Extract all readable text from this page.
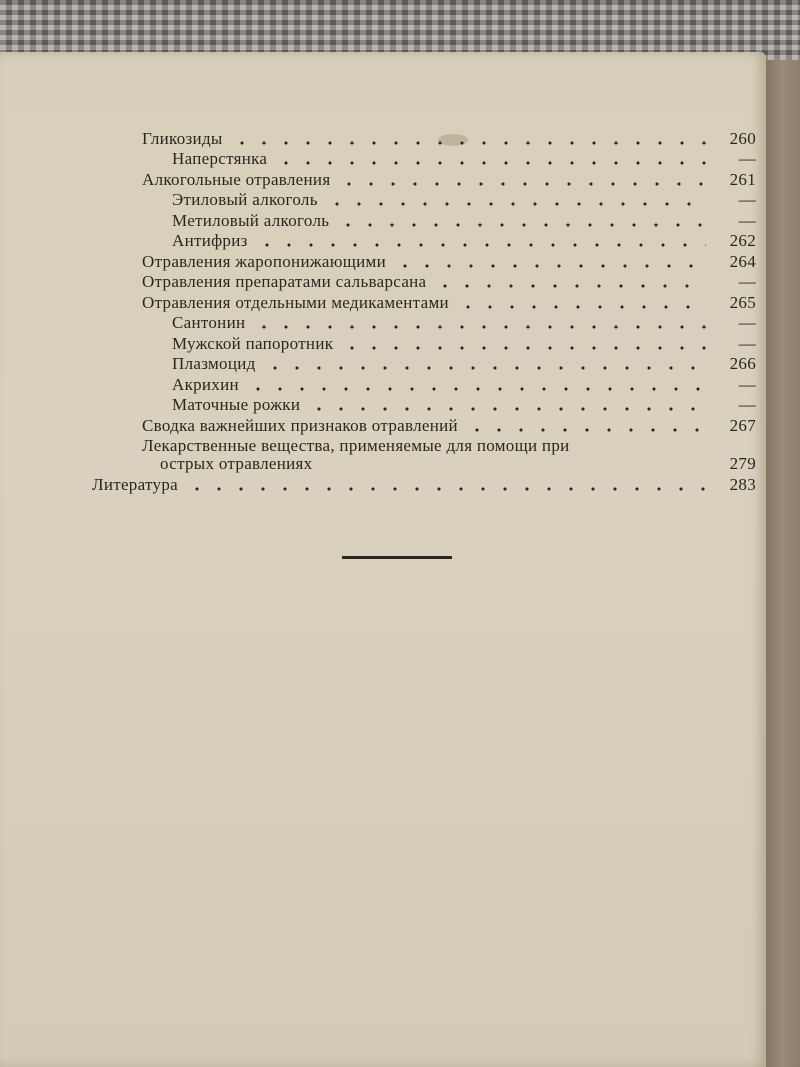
Гликозиды	260
Наперстянка	—
Алкогольные отравления	261
Этиловый алкоголь	—
Метиловый алкоголь	—
Антифриз	262
Отравления жаропонижающими	264
Отравления препаратами сальварсана	—
Отравления отдельными медикаментами	265
Сантонин	—
Мужской папоротник	—
Плазмоцид	266
Акрихин	—
Маточные рожки	—
Сводка важнейших признаков отравлений	267
Лекарственные вещества, применяемые для помощи при
острых отравлениях	279
Литература	283
